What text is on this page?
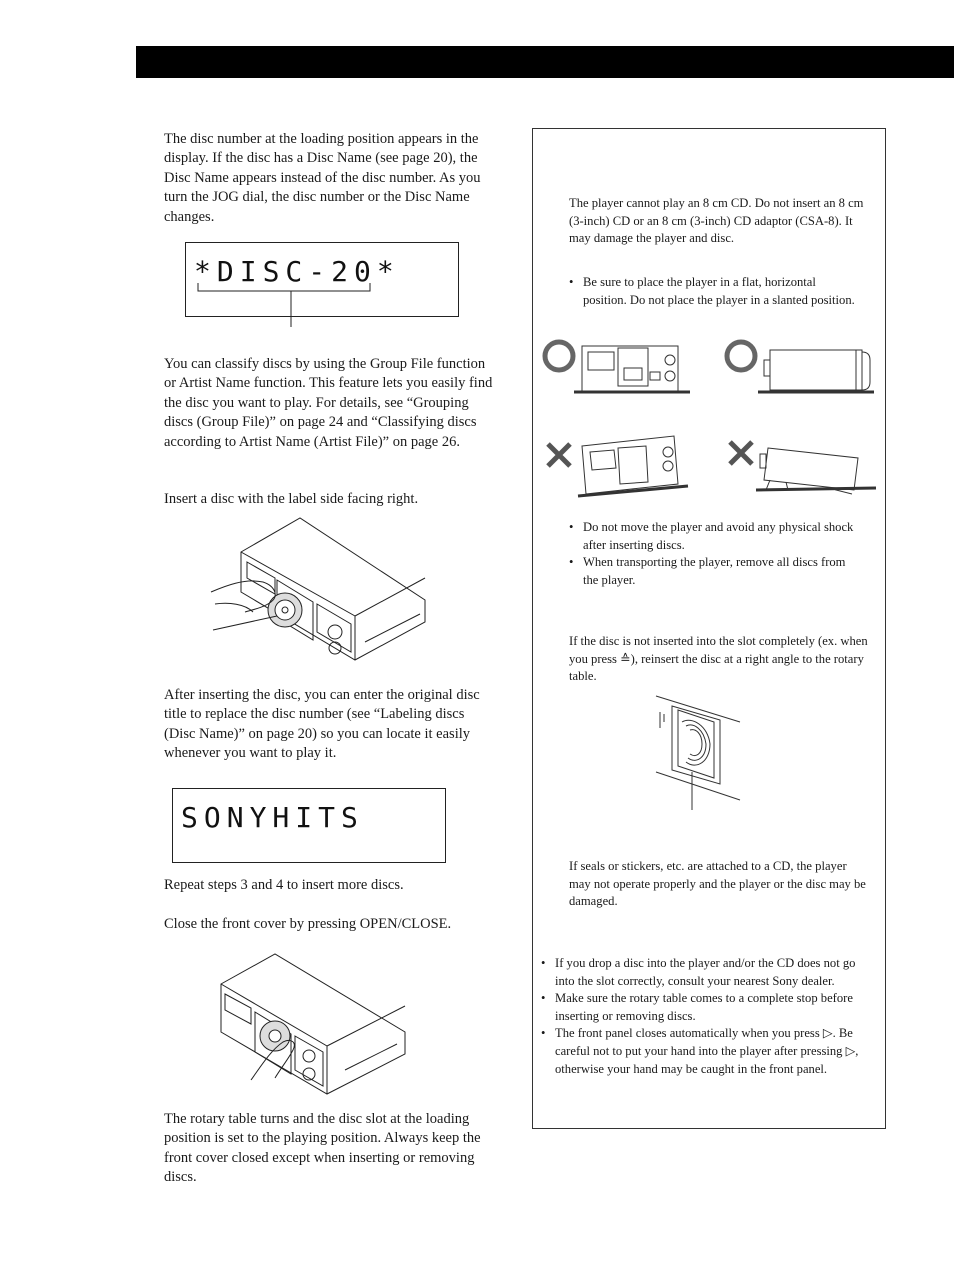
The disc number at the loading position appears in the display. If the disc has a Disc Name (see page 20), the Disc Name appears instead of the disc number. As you turn the JOG dial, the disc number or the Disc Name changes.
*DISC-20*
You can classify discs by using the Group File function or Artist Name function. This feature lets you easily find the disc you want to play. For details, see “Grouping discs (Group File)” on page 24 and “Classifying discs according to Artist Name (Artist File)” on page 26.
Insert a disc with the label side facing right.
After inserting the disc, you can enter the original disc title to replace the disc number (see “Labeling discs (Disc Name)” on page 20) so you can locate it easily whenever you want to play it.
SONYHITS
Repeat steps 3 and 4 to insert more discs.
Close the front cover by pressing OPEN/CLOSE.
The rotary table turns and the disc slot at the loading position is set to the playing position. Always keep the front cover closed except when inserting or removing discs.
The player cannot play an 8 cm CD. Do not insert an 8 cm (3-inch) CD or an 8 cm (3-inch) CD adaptor (CSA-8). It may damage the player and disc.
• Be sure to place the player in a flat, horizontal position. Do not place the player in a slanted position.
• Do not move the player and avoid any physical shock after inserting discs.
• When transporting the player, remove all discs from the player.
If the disc is not inserted into the slot completely (ex. when you press ≙), reinsert the disc at a right angle to the rotary table.
If seals or stickers, etc. are attached to a CD, the player may not operate properly and the player or the disc may be damaged.
• If you drop a disc into the player and/or the CD does not go into the slot correctly, consult your nearest Sony dealer.
• Make sure the rotary table comes to a complete stop before inserting or removing discs.
• The front panel closes automatically when you press ▷. Be careful not to put your hand into the player after pressing ▷, otherwise your hand may be caught in the front panel.
